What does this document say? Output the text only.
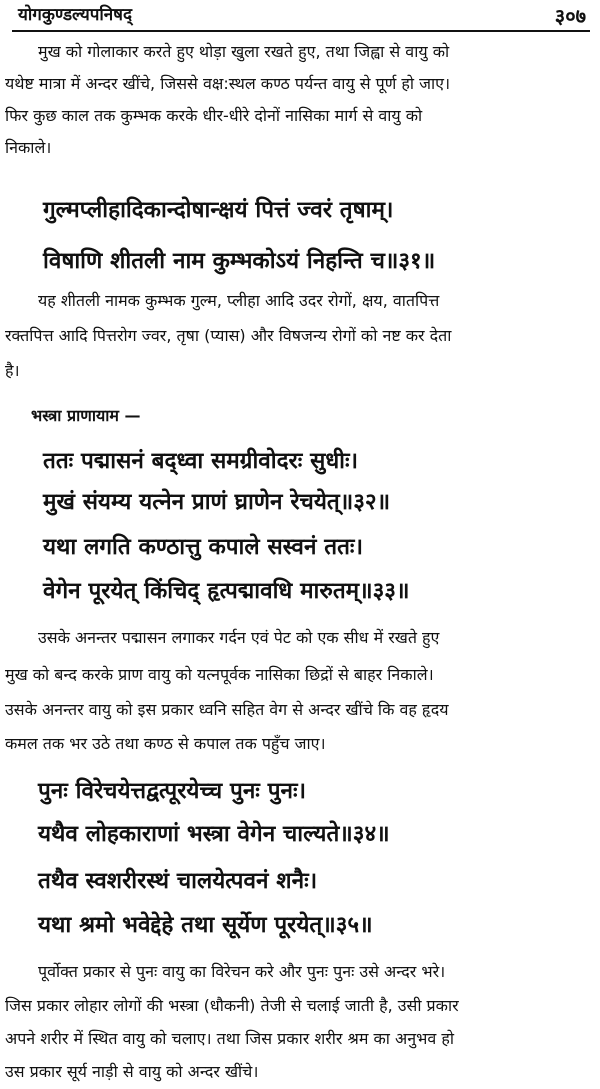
योगकुण्डल्यपनिषद्	३०७
मुख को गोलाकार करते हुए थोड़ा खुला रखते हुए, तथा जिह्वा से वायु को
यथेष्ट मात्रा में अन्दर खींचे, जिससे वक्ष:स्थल कण्ठ पर्यन्त वायु से पूर्ण हो जाए।
फिर कुछ काल तक कुम्भक करके धीर-धीरे दोनों नासिका मार्ग से वायु को
निकाले।
गुल्मप्लीहादिकान्दोषान्क्षयं पित्तं ज्वरं तृषाम्।
विषाणि शीतली नाम कुम्भकोऽयं निहन्ति च॥३१॥
यह शीतली नामक कुम्भक गुल्म, प्लीहा आदि उदर रोगों, क्षय, वातपित्त
रक्तपित्त आदि पित्तरोग ज्वर, तृषा (प्यास) और विषजन्य रोगों को नष्ट कर देता
है।
भस्त्रा प्राणायाम —
ततः पद्मासनं बद्ध्वा समग्रीवोदरः सुधीः।
मुखं संयम्य यत्नेन प्राणं घ्राणेन रेचयेत्॥३२॥
यथा लगति कण्ठात्तु कपाले सस्वनं ततः।
वेगेन पूरयेत् किंचिद् हृत्पद्मावधि मारुतम्॥३३॥
उसके अनन्तर पद्मासन लगाकर गर्दन एवं पेट को एक सीध में रखते हुए
मुख को बन्द करके प्राण वायु को यत्नपूर्वक नासिका छिद्रों से बाहर निकाले।
उसके अनन्तर वायु को इस प्रकार ध्वनि सहित वेग से अन्दर खींचे कि वह हृदय
कमल तक भर उठे तथा कण्ठ से कपाल तक पहुँच जाए।
पुनः विरेचयेत्तद्वत्पूरयेच्च पुनः पुनः।
यथैव लोहकाराणां भस्त्रा वेगेन चाल्यते॥३४॥
तथैव स्वशरीरस्थं चालयेत्पवनं शनैः।
यथा श्रमो भवेद्देहे तथा सूर्येण पूरयेत्॥३५॥
पूर्वोक्त प्रकार से पुनः वायु का विरेचन करे और पुनः पुनः उसे अन्दर भरे।
जिस प्रकार लोहार लोगों की भस्त्रा (धौकनी) तेजी से चलाई जाती है, उसी प्रकार
अपने शरीर में स्थित वायु को चलाए। तथा जिस प्रकार शरीर श्रम का अनुभव हो
उस प्रकार सूर्य नाड़ी से वायु को अन्दर खींचे।
